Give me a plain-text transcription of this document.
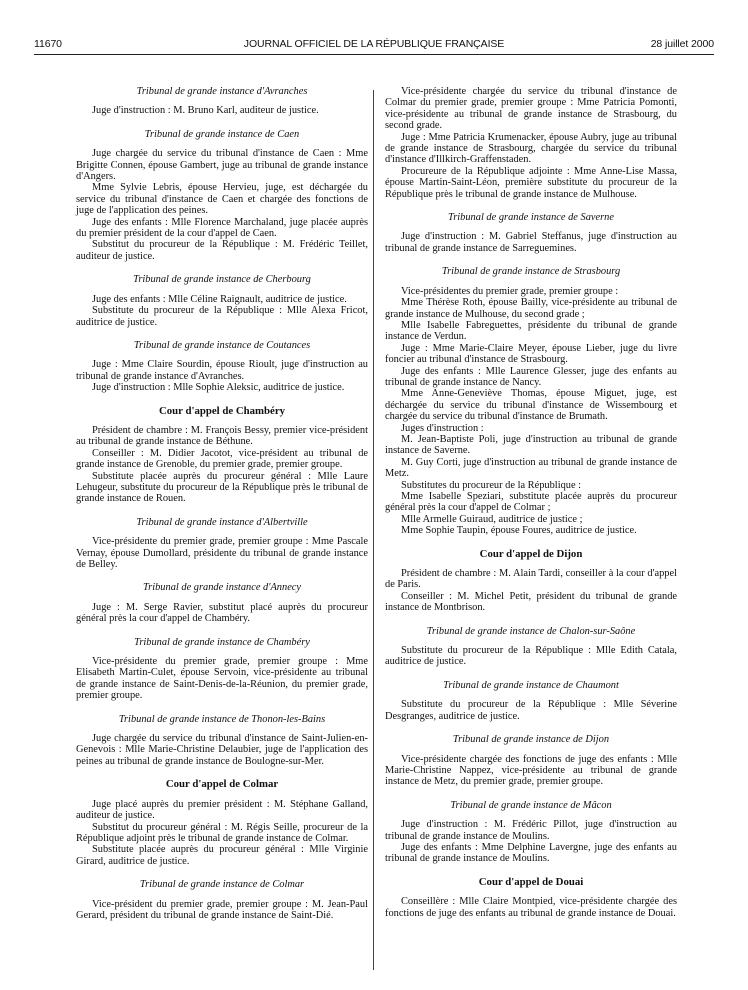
11670	JOURNAL OFFICIEL DE LA RÉPUBLIQUE FRANÇAISE	28 juillet 2000
Tribunal de grande instance d'Avranches

Juge d'instruction : M. Bruno Karl, auditeur de justice.

Tribunal de grande instance de Caen

Juge chargée du service du tribunal d'instance de Caen : Mme Brigitte Connen, épouse Gambert, juge au tribunal de grande instance d'Angers.

Mme Sylvie Lebris, épouse Hervieu, juge, est déchargée du service du tribunal d'instance de Caen et chargée des fonctions de juge de l'application des peines.

Juge des enfants : Mlle Florence Marchaland, juge placée auprès du premier président de la cour d'appel de Caen.

Substitut du procureur de la République : M. Frédéric Teillet, auditeur de justice.

Tribunal de grande instance de Cherbourg

Juge des enfants : Mlle Céline Raignault, auditrice de justice.

Substitute du procureur de la République : Mlle Alexa Fricot, auditrice de justice.

Tribunal de grande instance de Coutances

Juge : Mme Claire Sourdin, épouse Rioult, juge d'instruction au tribunal de grande instance d'Avranches.

Juge d'instruction : Mlle Sophie Aleksic, auditrice de justice.

Cour d'appel de Chambéry

Président de chambre : M. François Bessy, premier vice-président au tribunal de grande instance de Béthune.

Conseiller : M. Didier Jacotot, vice-président au tribunal de grande instance de Grenoble, du premier grade, premier groupe.

Substitute placée auprès du procureur général : Mlle Laure Lehugeur, substitute du procureur de la République près le tribunal de grande instance de Rouen.

Tribunal de grande instance d'Albertville

Vice-présidente du premier grade, premier groupe : Mme Pascale Vernay, épouse Dumollard, présidente du tribunal de grande instance de Belley.

Tribunal de grande instance d'Annecy

Juge : M. Serge Ravier, substitut placé auprès du procureur général près la cour d'appel de Chambéry.

Tribunal de grande instance de Chambéry

Vice-présidente du premier grade, premier groupe : Mme Elisabeth Martin-Culet, épouse Servoin, vice-présidente au tribunal de grande instance de Saint-Denis-de-la-Réunion, du premier grade, premier groupe.

Tribunal de grande instance de Thonon-les-Bains

Juge chargée du service du tribunal d'instance de Saint-Julien-en-Genevois : Mlle Marie-Christine Delaubier, juge de l'application des peines au tribunal de grande instance de Boulogne-sur-Mer.

Cour d'appel de Colmar

Juge placé auprès du premier président : M. Stéphane Galland, auditeur de justice.

Substitut du procureur général : M. Régis Seille, procureur de la République adjoint près le tribunal de grande instance de Colmar.

Substitute placée auprès du procureur général : Mlle Virginie Girard, auditrice de justice.

Tribunal de grande instance de Colmar

Vice-président du premier grade, premier groupe : M. Jean-Paul Gerard, président du tribunal de grande instance de Saint-Dié.

Vice-présidente chargée du service du tribunal d'instance de Colmar du premier grade, premier groupe : Mme Patricia Pomonti, vice-présidente au tribunal de grande instance de Strasbourg, du second grade.

Juge : Mme Patricia Krumenacker, épouse Aubry, juge au tribunal de grande instance de Strasbourg, chargée du service du tribunal d'instance d'Illkirch-Graffenstaden.

Procureure de la République adjointe : Mme Anne-Lise Massa, épouse Martin-Saint-Léon, première substitute du procureur de la République près le tribunal de grande instance de Mulhouse.

Tribunal de grande instance de Saverne

Juge d'instruction : M. Gabriel Steffanus, juge d'instruction au tribunal de grande instance de Sarreguemines.

Tribunal de grande instance de Strasbourg

Vice-présidentes du premier grade, premier groupe :

Mme Thérèse Roth, épouse Bailly, vice-présidente au tribunal de grande instance de Mulhouse, du second grade ;

Mlle Isabelle Fabreguettes, présidente du tribunal de grande instance de Verdun.

Juge : Mme Marie-Claire Meyer, épouse Lieber, juge du livre foncier au tribunal d'instance de Strasbourg.

Juge des enfants : Mlle Laurence Glesser, juge des enfants au tribunal de grande instance de Nancy.

Mme Anne-Geneviève Thomas, épouse Miguet, juge, est déchargée du service du tribunal d'instance de Wissembourg et chargée du service du tribunal d'instance de Brumath.

Juges d'instruction :

M. Jean-Baptiste Poli, juge d'instruction au tribunal de grande instance de Saverne.

M. Guy Corti, juge d'instruction au tribunal de grande instance de Metz.

Substitutes du procureur de la République :

Mme Isabelle Speziari, substitute placée auprès du procureur général près la cour d'appel de Colmar ;

Mlle Armelle Guiraud, auditrice de justice ;

Mme Sophie Taupin, épouse Foures, auditrice de justice.

Cour d'appel de Dijon

Président de chambre : M. Alain Tardi, conseiller à la cour d'appel de Paris.

Conseiller : M. Michel Petit, président du tribunal de grande instance de Montbrison.

Tribunal de grande instance de Chalon-sur-Saône

Substitute du procureur de la République : Mlle Edith Catala, auditrice de justice.

Tribunal de grande instance de Chaumont

Substitute du procureur de la République : Mlle Séverine Desgranges, auditrice de justice.

Tribunal de grande instance de Dijon

Vice-présidente chargée des fonctions de juge des enfants : Mlle Marie-Christine Nappez, vice-présidente au tribunal de grande instance de Metz, du premier grade, premier groupe.

Tribunal de grande instance de Mâcon

Juge d'instruction : M. Frédéric Pillot, juge d'instruction au tribunal de grande instance de Moulins.

Juge des enfants : Mme Delphine Lavergne, juge des enfants au tribunal de grande instance de Moulins.

Cour d'appel de Douai

Conseillère : Mlle Claire Montpied, vice-présidente chargée des fonctions de juge des enfants au tribunal de grande instance de Douai.
